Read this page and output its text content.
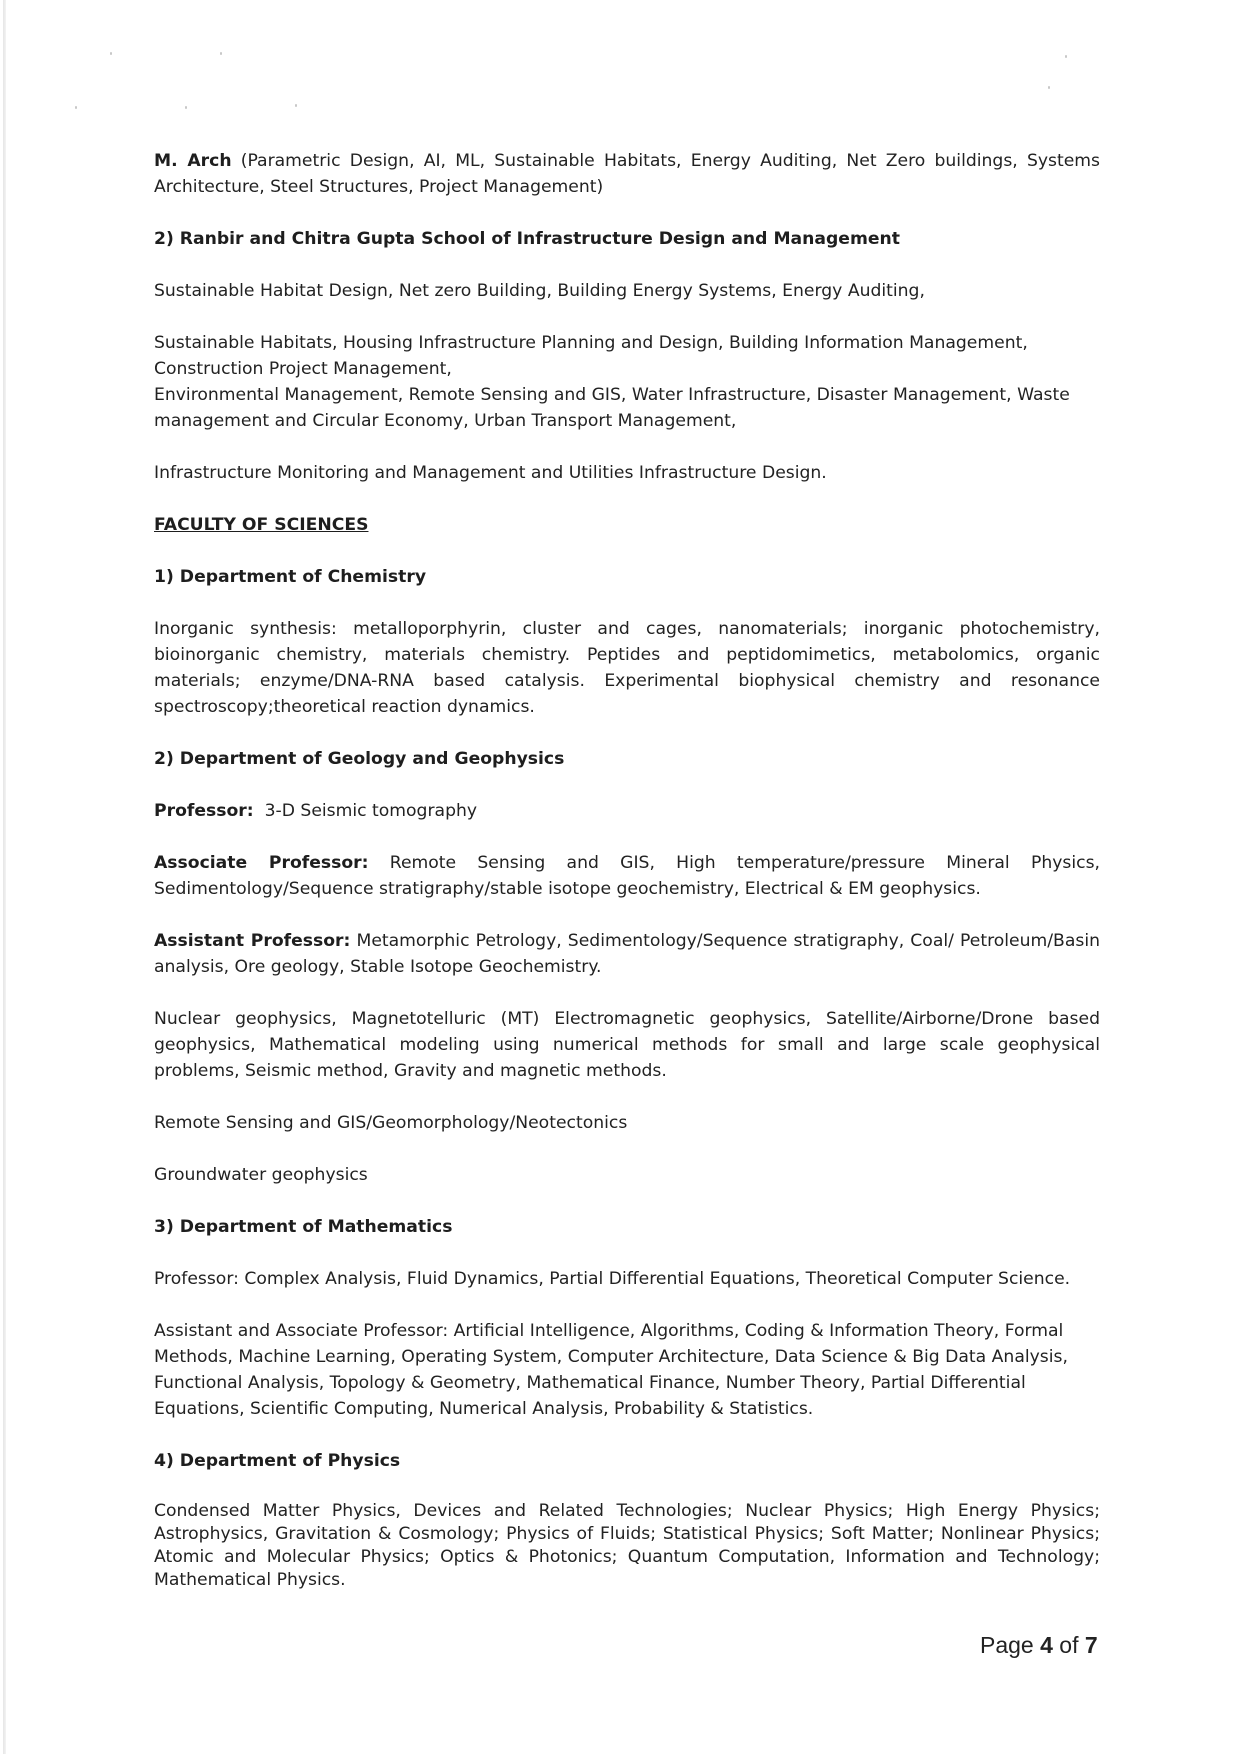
M. Arch (Parametric Design, AI, ML, Sustainable Habitats, Energy Auditing, Net Zero buildings, Systems Architecture, Steel Structures, Project Management)

2) Ranbir and Chitra Gupta School of Infrastructure Design and Management

Sustainable Habitat Design, Net zero Building, Building Energy Systems, Energy Auditing,

Sustainable Habitats, Housing Infrastructure Planning and Design, Building Information Management, Construction Project Management,

Environmental Management, Remote Sensing and GIS, Water Infrastructure, Disaster Management, Waste management and Circular Economy, Urban Transport Management,

Infrastructure Monitoring and Management and Utilities Infrastructure Design.

FACULTY OF SCIENCES
1) Department of Chemistry

Inorganic synthesis: metalloporphyrin, cluster and cages, nanomaterials; inorganic photochemistry, bioinorganic chemistry, materials chemistry. Peptides and peptidomimetics, metabolomics, organic materials; enzyme/DNA-RNA based catalysis. Experimental biophysical chemistry and resonance spectroscopy;theoretical reaction dynamics.

2) Department of Geology and Geophysics

Professor:  3-D Seismic tomography

Associate Professor: Remote Sensing and GIS, High temperature/pressure Mineral Physics, Sedimentology/Sequence stratigraphy/stable isotope geochemistry, Electrical & EM geophysics.

Assistant Professor: Metamorphic Petrology, Sedimentology/Sequence stratigraphy, Coal/ Petroleum/Basin analysis, Ore geology, Stable Isotope Geochemistry.

Nuclear geophysics, Magnetotelluric (MT) Electromagnetic geophysics, Satellite/Airborne/Drone based geophysics, Mathematical modeling using numerical methods for small and large scale geophysical problems, Seismic method, Gravity and magnetic methods.

Remote Sensing and GIS/Geomorphology/Neotectonics

Groundwater geophysics

3) Department of Mathematics

Professor: Complex Analysis, Fluid Dynamics, Partial Differential Equations, Theoretical Computer Science.

Assistant and Associate Professor: Artificial Intelligence, Algorithms, Coding & Information Theory, Formal Methods, Machine Learning, Operating System, Computer Architecture, Data Science & Big Data Analysis, Functional Analysis, Topology & Geometry, Mathematical Finance, Number Theory, Partial Differential Equations, Scientific Computing, Numerical Analysis, Probability & Statistics.

4) Department of Physics

Condensed Matter Physics, Devices and Related Technologies; Nuclear Physics; High Energy Physics; Astrophysics, Gravitation & Cosmology; Physics of Fluids; Statistical Physics; Soft Matter; Nonlinear Physics; Atomic and Molecular Physics; Optics & Photonics; Quantum Computation, Information and Technology; Mathematical Physics.

Page 4 of 7
